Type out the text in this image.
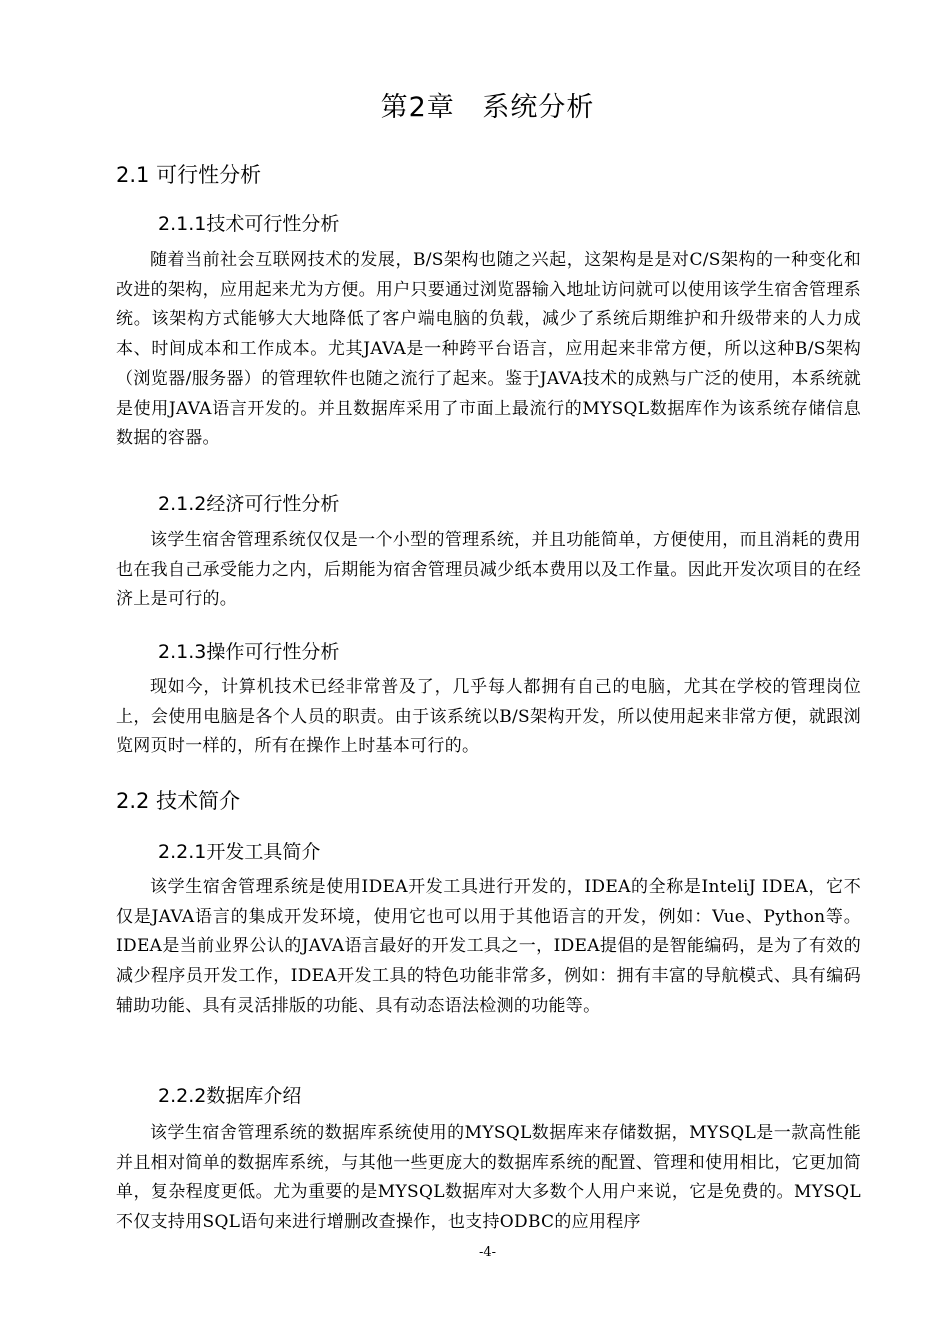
第2章 系统分析
2.1 可行性分析
2.1.1技术可行性分析
随着当前社会互联网技术的发展，B/S架构也随之兴起，这架构是是对C/S架构的一种变化和改进的架构，应用起来尤为方便。用户只要通过浏览器输入地址访问就可以使用该学生宿舍管理系统。该架构方式能够大大地降低了客户端电脑的负载，减少了系统后期维护和升级带来的人力成本、时间成本和工作成本。尤其JAVA是一种跨平台语言，应用起来非常方便，所以这种B/S架构（浏览器/服务器）的管理软件也随之流行了起来。鉴于JAVA技术的成熟与广泛的使用，本系统就是使用JAVA语言开发的。并且数据库采用了市面上最流行的MYSQL数据库作为该系统存储信息数据的容器。
2.1.2经济可行性分析
该学生宿舍管理系统仅仅是一个小型的管理系统，并且功能简单，方便使用，而且消耗的费用也在我自己承受能力之内，后期能为宿舍管理员减少纸本费用以及工作量。因此开发次项目的在经济上是可行的。
2.1.3操作可行性分析
现如今，计算机技术已经非常普及了，几乎每人都拥有自己的电脑，尤其在学校的管理岗位上，会使用电脑是各个人员的职责。由于该系统以B/S架构开发，所以使用起来非常方便，就跟浏览网页时一样的，所有在操作上时基本可行的。
2.2 技术简介
2.2.1开发工具简介
该学生宿舍管理系统是使用IDEA开发工具进行开发的，IDEA的全称是InteliJ IDEA，它不仅是JAVA语言的集成开发环境，使用它也可以用于其他语言的开发，例如：Vue、Python等。IDEA是当前业界公认的JAVA语言最好的开发工具之一，IDEA提倡的是智能编码，是为了有效的减少程序员开发工作，IDEA开发工具的特色功能非常多，例如：拥有丰富的导航模式、具有编码辅助功能、具有灵活排版的功能、具有动态语法检测的功能等。
2.2.2数据库介绍
该学生宿舍管理系统的数据库系统使用的MYSQL数据库来存储数据，MYSQL是一款高性能并且相对简单的数据库系统，与其他一些更庞大的数据库系统的配置、管理和使用相比，它更加简单，复杂程度更低。尤为重要的是MYSQL数据库对大多数个人用户来说，它是免费的。MYSQL不仅支持用SQL语句来进行增删改查操作，也支持ODBC的应用程序
-4-
